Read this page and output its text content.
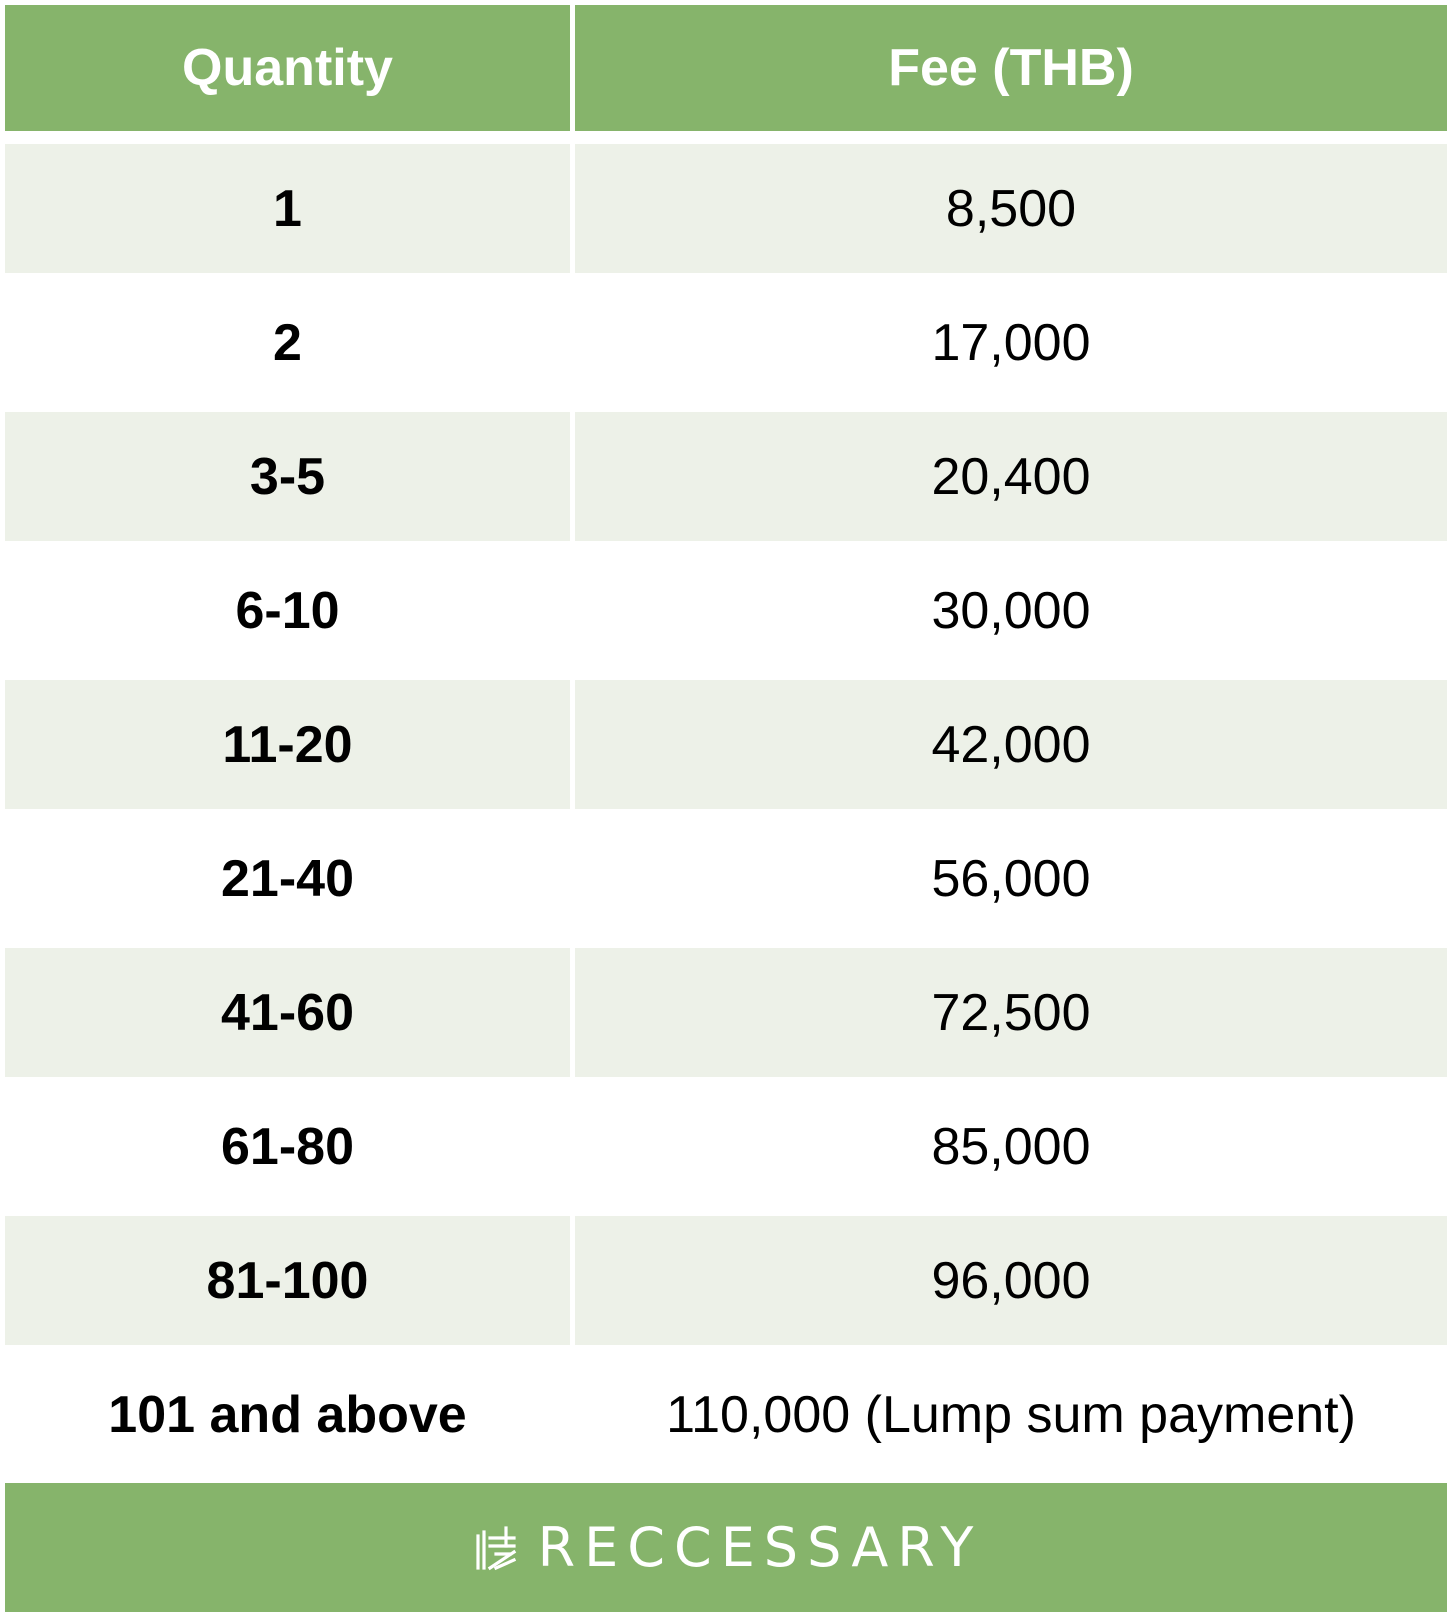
Quantity	Fee (THB)
1	8,500
2	17,000
3-5	20,400
6-10	30,000
11-20	42,000
21-40	56,000
41-60	72,500
61-80	85,000
81-100	96,000
101 and above	110,000 (Lump sum payment)
RECCESSARY
